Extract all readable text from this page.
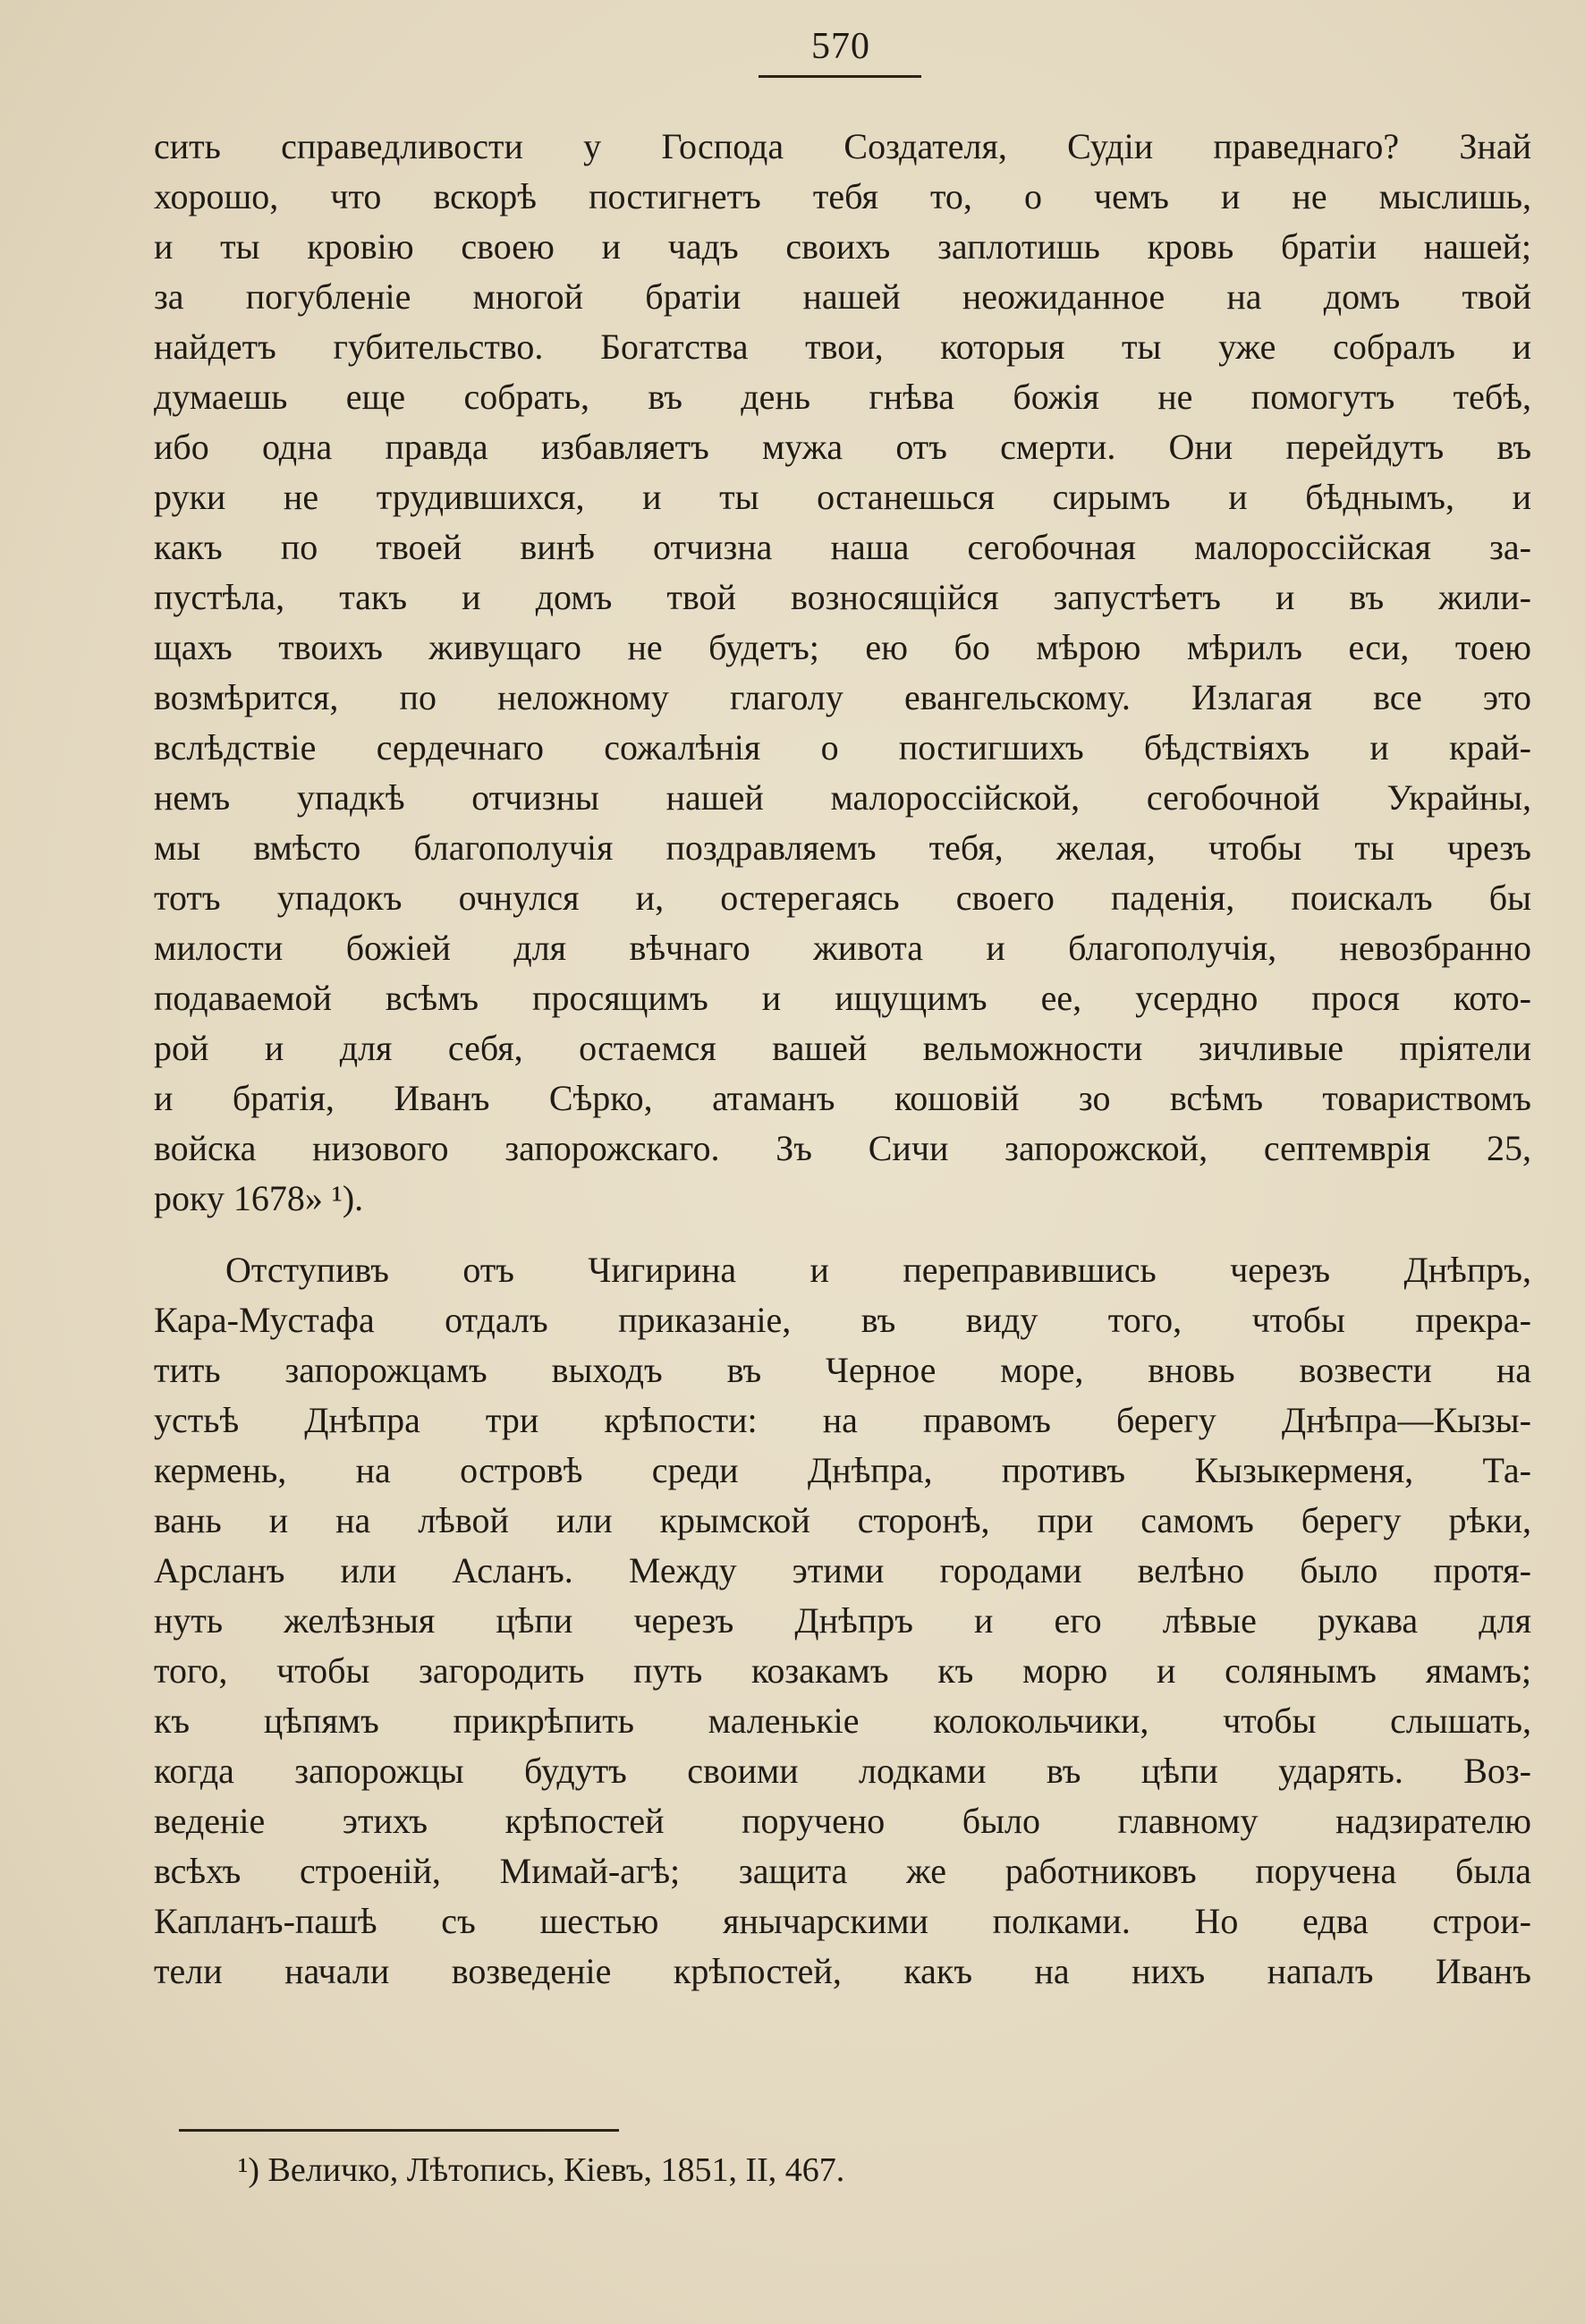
570
сить справедливости у Господа Создателя, Судіи праведнаго? Знай
хорошо, что вскорѣ постигнетъ тебя то, о чемъ и не мыслишь,
и ты кровію своею и чадъ своихъ заплотишь кровь братіи нашей;
за погубленіе многой братіи нашей неожиданное на домъ твой
найдетъ губительство. Богатства твои, которыя ты уже собралъ и
думаешь еще собрать, въ день гнѣва божія не помогутъ тебѣ,
ибо одна правда избавляетъ мужа отъ смерти. Они перейдутъ въ
руки не трудившихся, и ты останешься сирымъ и бѣднымъ, и
какъ по твоей винѣ отчизна наша сегобочная малороссійская за-
пустѣла, такъ и домъ твой возносящійся запустѣетъ и въ жили-
щахъ твоихъ живущаго не будетъ; ею бо мѣрою мѣрилъ еси, тоею
возмѣрится, по неложному глаголу евангельскому. Излагая все это
вслѣдствіе сердечнаго сожалѣнія о постигшихъ бѣдствіяхъ и край-
немъ упадкѣ отчизны нашей малороссійской, сегобочной Украйны,
мы вмѣсто благополучія поздравляемъ тебя, желая, чтобы ты чрезъ
тотъ упадокъ очнулся и, остерегаясь своего паденія, поискалъ бы
милости божіей для вѣчнаго живота и благополучія, невозбранно
подаваемой всѣмъ просящимъ и ищущимъ ее, усердно прося кото-
рой и для себя, остаемся вашей вельможности зичливые пріятели
и братія, Иванъ Сѣрко, атаманъ кошовій зо всѣмъ товариствомъ
войска низового запорожскаго. Зъ Сичи запорожской, септемврія 25,
року 1678» ¹).
Отступивъ отъ Чигирина и переправившись черезъ Днѣпръ,
Кара-Мустафа отдалъ приказаніе, въ виду того, чтобы прекра-
тить запорожцамъ выходъ въ Черное море, вновь возвести на
устьѣ Днѣпра три крѣпости: на правомъ берегу Днѣпра—Кызы-
кермень, на островѣ среди Днѣпра, противъ Кызыкерменя, Та-
вань и на лѣвой или крымской сторонѣ, при самомъ берегу рѣки,
Арсланъ или Асланъ. Между этими городами велѣно было протя-
нуть желѣзныя цѣпи черезъ Днѣпръ и его лѣвые рукава для
того, чтобы загородить путь козакамъ къ морю и солянымъ ямамъ;
къ цѣпямъ прикрѣпить маленькіе колокольчики, чтобы слышать,
когда запорожцы будутъ своими лодками въ цѣпи ударять. Воз-
веденіе этихъ крѣпостей поручено было главному надзирателю
всѣхъ строеній, Мимай-агѣ; защита же работниковъ поручена была
Капланъ-пашѣ съ шестью янычарскими полками. Но едва строи-
тели начали возведеніе крѣпостей, какъ на нихъ напалъ Иванъ
¹) Величко, Лѣтопись, Кіевъ, 1851, II, 467.
